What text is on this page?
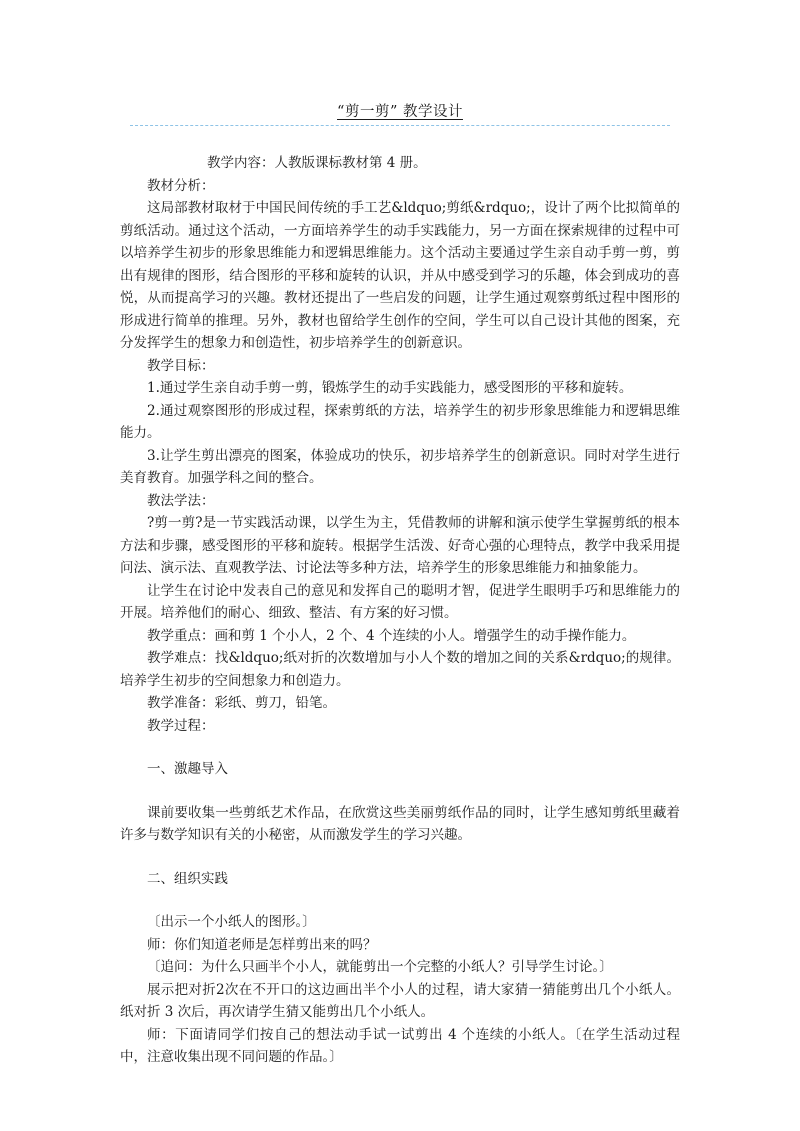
“剪一剪” 教学设计

教学内容：人教版课标教材第 4 册。

教材分析：

这局部教材取材于中国民间传统的手工艺&ldquo;剪纸&rdquo;，设计了两个比拟简单的剪纸活动。通过这个活动，一方面培养学生的动手实践能力，另一方面在探索规律的过程中可以培养学生初步的形象思维能力和逻辑思维能力。这个活动主要通过学生亲自动手剪一剪，剪出有规律的图形，结合图形的平移和旋转的认识，并从中感受到学习的乐趣，体会到成功的喜悦，从而提高学习的兴趣。教材还提出了一些启发的问题，让学生通过观察剪纸过程中图形的形成进行简单的推理。另外，教材也留给学生创作的空间，学生可以自己设计其他的图案，充分发挥学生的想象力和创造性，初步培养学生的创新意识。

教学目标：

1.通过学生亲自动手剪一剪，锻炼学生的动手实践能力，感受图形的平移和旋转。

2.通过观察图形的形成过程，探索剪纸的方法，培养学生的初步形象思维能力和逻辑思维能力。

3.让学生剪出漂亮的图案，体验成功的快乐，初步培养学生的创新意识。同时对学生进行美育教育。加强学科之间的整合。

教法学法：

?剪一剪?是一节实践活动课，以学生为主，凭借教师的讲解和演示使学生掌握剪纸的根本方法和步骤，感受图形的平移和旋转。根据学生活泼、好奇心强的心理特点，教学中我采用提问法、演示法、直观教学法、讨论法等多种方法，培养学生的形象思维能力和抽象能力。

让学生在讨论中发表自己的意见和发挥自己的聪明才智，促进学生眼明手巧和思维能力的开展。培养他们的耐心、细致、整洁、有方案的好习惯。

教学重点：画和剪 1 个小人，2 个、4 个连续的小人。增强学生的动手操作能力。

教学难点：找&ldquo;纸对折的次数增加与小人个数的增加之间的关系&rdquo;的规律。培养学生初步的空间想象力和创造力。

教学准备：彩纸、剪刀，铅笔。

教学过程：

一、激趣导入

课前要收集一些剪纸艺术作品，在欣赏这些美丽剪纸作品的同时，让学生感知剪纸里藏着许多与数学知识有关的小秘密，从而激发学生的学习兴趣。

二、组织实践

〔出示一个小纸人的图形。〕

师：你们知道老师是怎样剪出来的吗？

〔追问：为什么只画半个小人，就能剪出一个完整的小纸人？引导学生讨论。〕

展示把对折2次在不开口的这边画出半个小人的过程，请大家猜一猜能剪出几个小纸人。纸对折 3 次后，再次请学生猜又能剪出几个小纸人。

师：下面请同学们按自己的想法动手试一试剪出 4 个连续的小纸人。〔在学生活动过程中，注意收集出现不同问题的作品。〕
